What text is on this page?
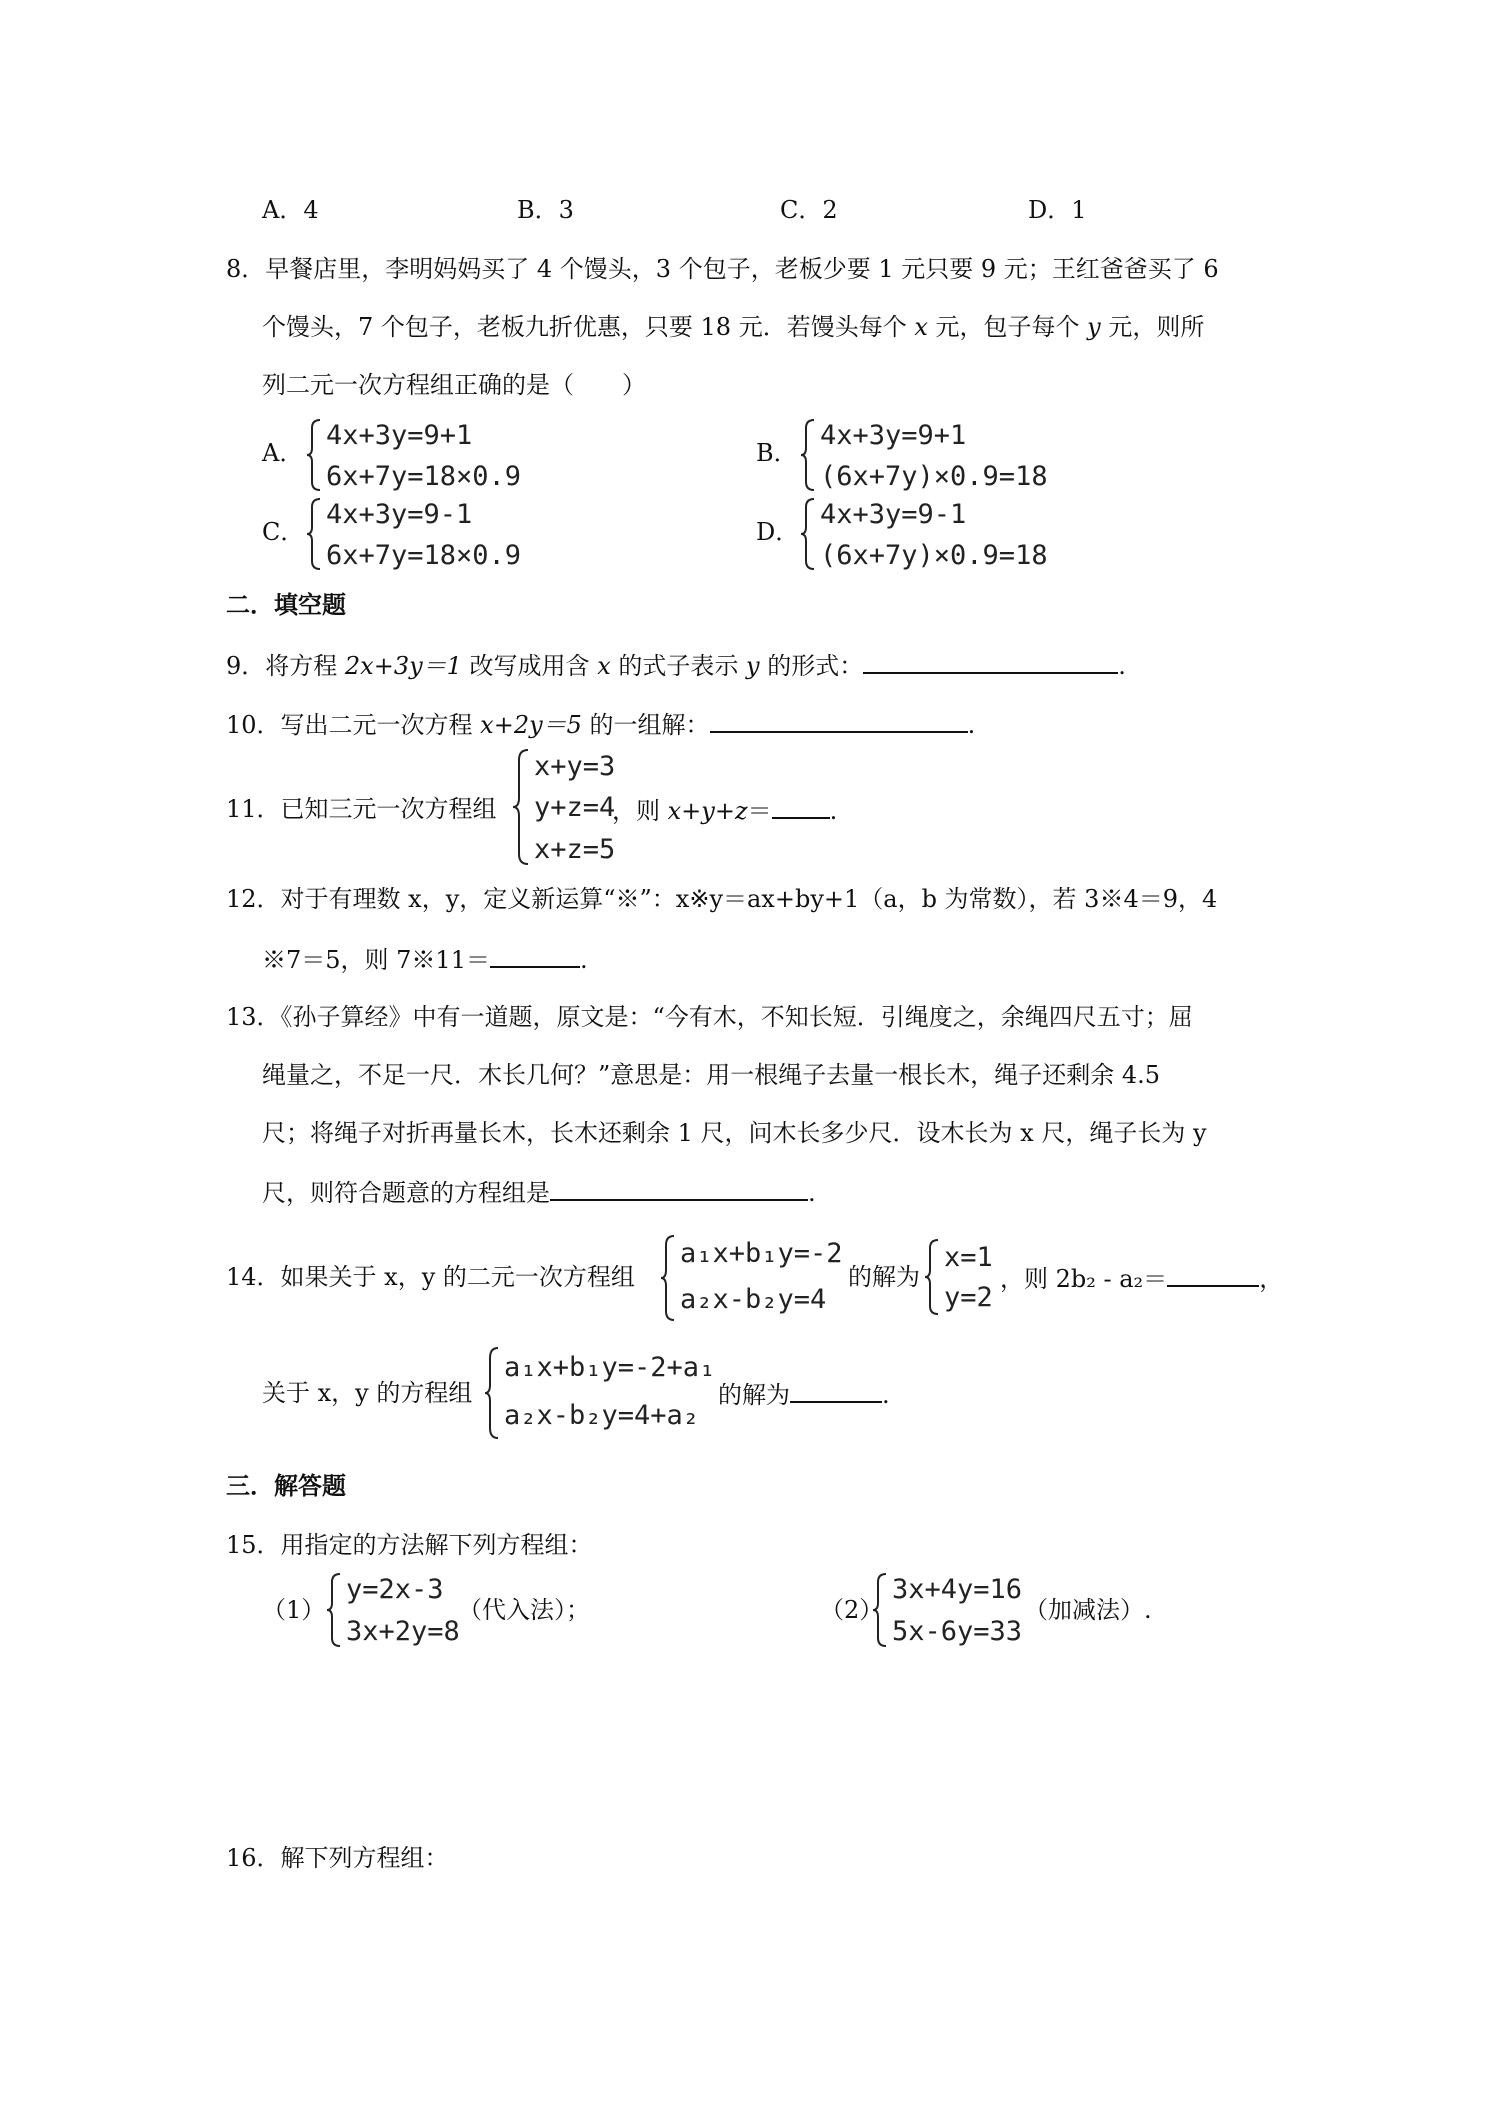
A．4	B．3	C．2	D．1
8．早餐店里，李明妈妈买了 4 个馒头，3 个包子，老板少要 1 元只要 9 元；王红爸爸买了 6
个馒头，7 个包子，老板九折优惠，只要 18 元．若馒头每个 x 元，包子每个 y 元，则所
列二元一次方程组正确的是（　　）
A．
4x+3y=9+1
6x+7y=18×0.9
B．
4x+3y=9+1
(6x+7y)×0.9=18
C．
4x+3y=9-1
6x+7y=18×0.9
D．
4x+3y=9-1
(6x+7y)×0.9=18
二．填空题
9．将方程 2x+3y＝1 改写成用含 x 的式子表示 y 的形式：	.
10．写出二元一次方程 x+2y＝5 的一组解：	.
11．已知三元一次方程组
x+y=3
y+z=4
x+z=5
，则 x+y+z＝ .
12．对于有理数 x，y，定义新运算“※”：x※y＝ax+by+1（a，b 为常数），若 3※4＝9，4
※7＝5，则 7※11＝	.
13．《孙子算经》中有一道题，原文是：“今有木，不知长短．引绳度之，余绳四尺五寸；屈
绳量之，不足一尺．木长几何？”意思是：用一根绳子去量一根长木，绳子还剩余 4.5
尺；将绳子对折再量长木，长木还剩余 1 尺，问木长多少尺．设木长为 x 尺，绳子长为 y
尺，则符合题意的方程组是	.
14．如果关于 x，y 的二元一次方程组
a₁x+b₁y=-2
a₂x-b₂y=4
的解为
x=1
y=2
，则 2b₂ - a₂＝	，
关于 x，y 的方程组
a₁x+b₁y=-2+a₁
a₂x-b₂y=4+a₂
的解为	.
三．解答题
15．用指定的方法解下列方程组：
（1）
y=2x-3
3x+2y=8
（代入法）；	（2）
3x+4y=16
5x-6y=33
（加减法）.
16．解下列方程组：
